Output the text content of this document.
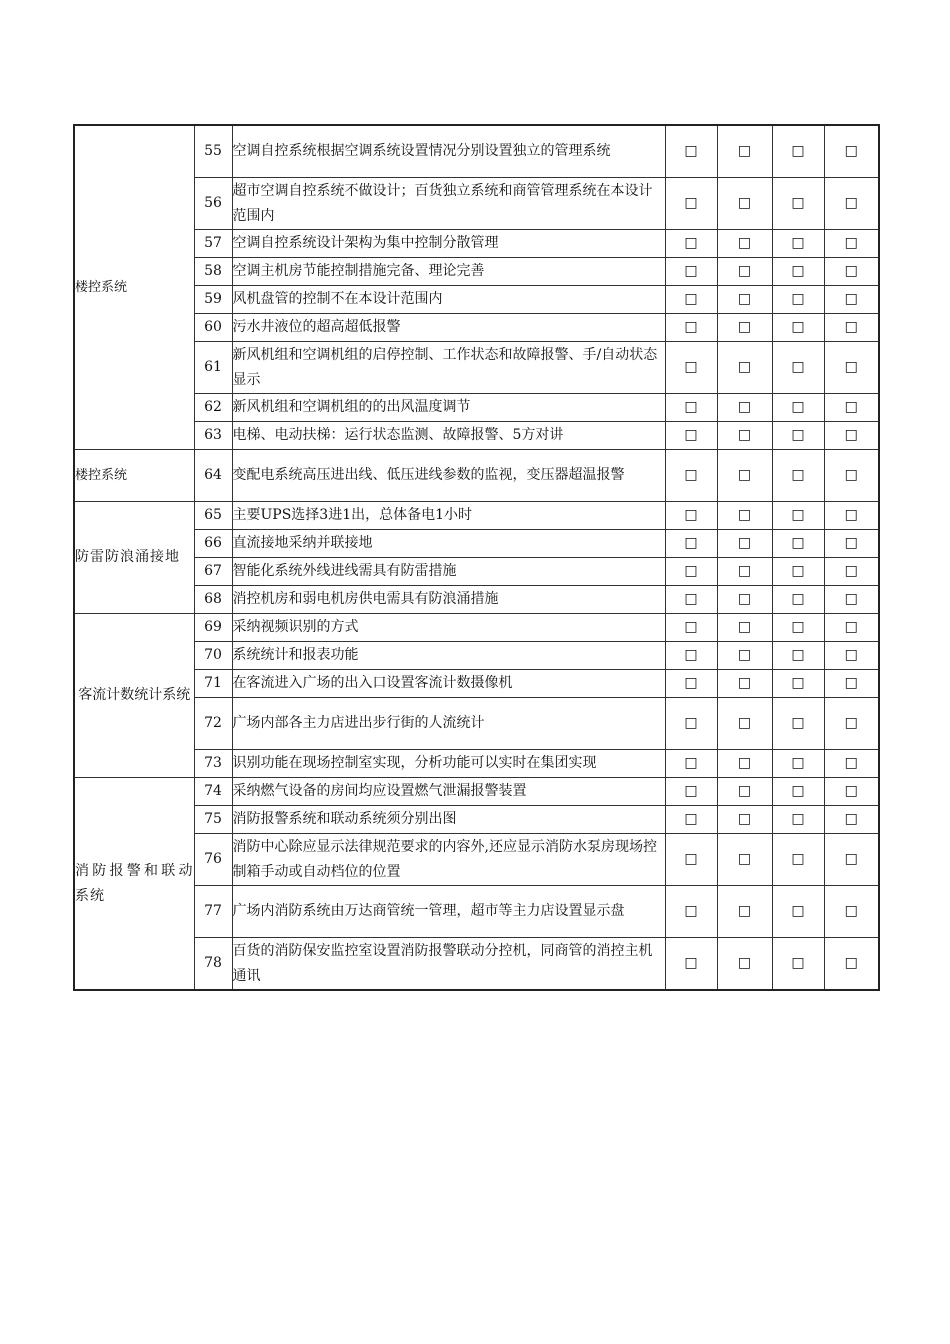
楼控系统	55	空调自控系统根据空调系统设置情况分别设置独立的管理系统	□	□	□	□
	56	超市空调自控系统不做设计；百货独立系统和商管管理系统在本设计范围内	□	□	□	□
	57	空调自控系统设计架构为集中控制分散管理	□	□	□	□
	58	空调主机房节能控制措施完备、理论完善	□	□	□	□
	59	风机盘管的控制不在本设计范围内	□	□	□	□
	60	污水井液位的超高超低报警	□	□	□	□
	61	新风机组和空调机组的启停控制、工作状态和故障报警、手/自动状态显示	□	□	□	□
	62	新风机组和空调机组的的出风温度调节	□	□	□	□
	63	电梯、电动扶梯：运行状态监测、故障报警、5方对讲	□	□	□	□
楼控系统	64	变配电系统高压进出线、低压进线参数的监视，变压器超温报警	□	□	□	□
防雷防浪涌接地	65	主要UPS选择3进1出，总体备电1小时	□	□	□	□
	66	直流接地采纳并联接地	□	□	□	□
	67	智能化系统外线进线需具有防雷措施	□	□	□	□
	68	消控机房和弱电机房供电需具有防浪涌措施	□	□	□	□
客流计数统计系统	69	采纳视频识别的方式	□	□	□	□
	70	系统统计和报表功能	□	□	□	□
	71	在客流进入广场的出入口设置客流计数摄像机	□	□	□	□
	72	广场内部各主力店进出步行街的人流统计	□	□	□	□
	73	识别功能在现场控制室实现，分析功能可以实时在集团实现	□	□	□	□
消防报警和联动系统	74	采纳燃气设备的房间均应设置燃气泄漏报警装置	□	□	□	□
	75	消防报警系统和联动系统须分别出图	□	□	□	□
	76	消防中心除应显示法律规范要求的内容外,还应显示消防水泵房现场控制箱手动或自动档位的位置	□	□	□	□
	77	广场内消防系统由万达商管统一管理，超市等主力店设置显示盘	□	□	□	□
	78	百货的消防保安监控室设置消防报警联动分控机，同商管的消控主机通讯	□	□	□	□
